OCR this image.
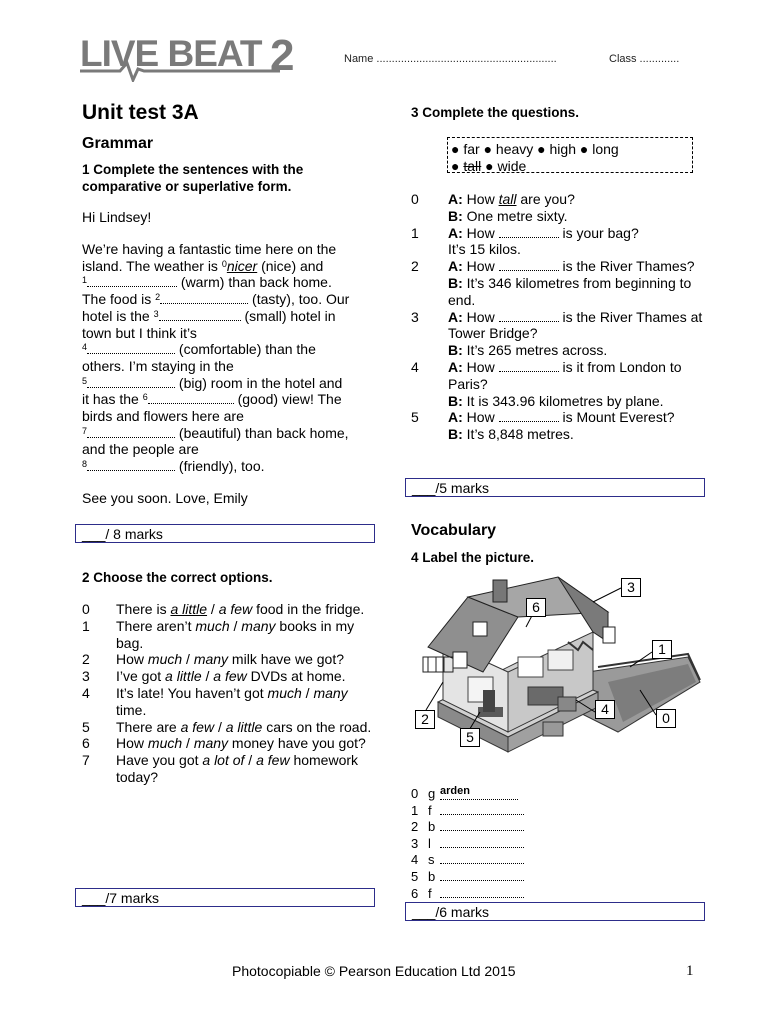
LIVE BEAT 2	Name ...........................................................	Class .............
Unit test 3A
Grammar
1 Complete the sentences with the comparative or superlative form.
Hi Lindsey!

We’re having a fantastic time here on the

island. The weather is $^0$nicer (nice) and

$^1$	(warm) than back home.

The food is $^2$	(tasty), too. Our

hotel is the $^3$	(small) hotel in

town but I think it’s

$^4$	(comfortable) than the

others. I’m staying in the

$^5$	(big) room in the hotel and

it has the $^6$	(good) view! The

birds and flowers here are

$^7$	(beautiful) than back home,

and the people are

$^8$	(friendly), too.

See you soon. Love, Emily
___/ 8 marks
2 Choose the correct options.
0	There is a little / a few food in the fridge.
1	There aren’t much / many books in my bag.
2	How much / many milk have we got?
3	I’ve got a little / a few DVDs at home.
4	It’s late! You haven’t got much / many time.
5	There are a few / a little cars on the road.
6	How much / many money have you got?
7	Have you got a lot of / a few homework today?
___/7 marks
3 Complete the questions.
● far ● heavy ● high ● long
● tall ● wide
0	A: How tall are you?
B: One metre sixty.
1	A: How	is your bag?
It’s 15 kilos.
2	A: How	is the River Thames?
B: It’s 346 kilometres from beginning to end.
3	A: How	is the River Thames at Tower Bridge?
B: It’s 265 metres across.
4	A: How	is it from London to Paris?
B: It is 343.96 kilometres by plane.
5	A: How	is Mount Everest?
B: It’s 8,848 metres.
___/5 marks
Vocabulary
4 Label the picture.
3
6
1
2
4
0
5
0 g arden
1 f
2 b
3 l
4 s
5 b
6 f
___/6 marks
Photocopiable © Pearson Education Ltd 2015	1
